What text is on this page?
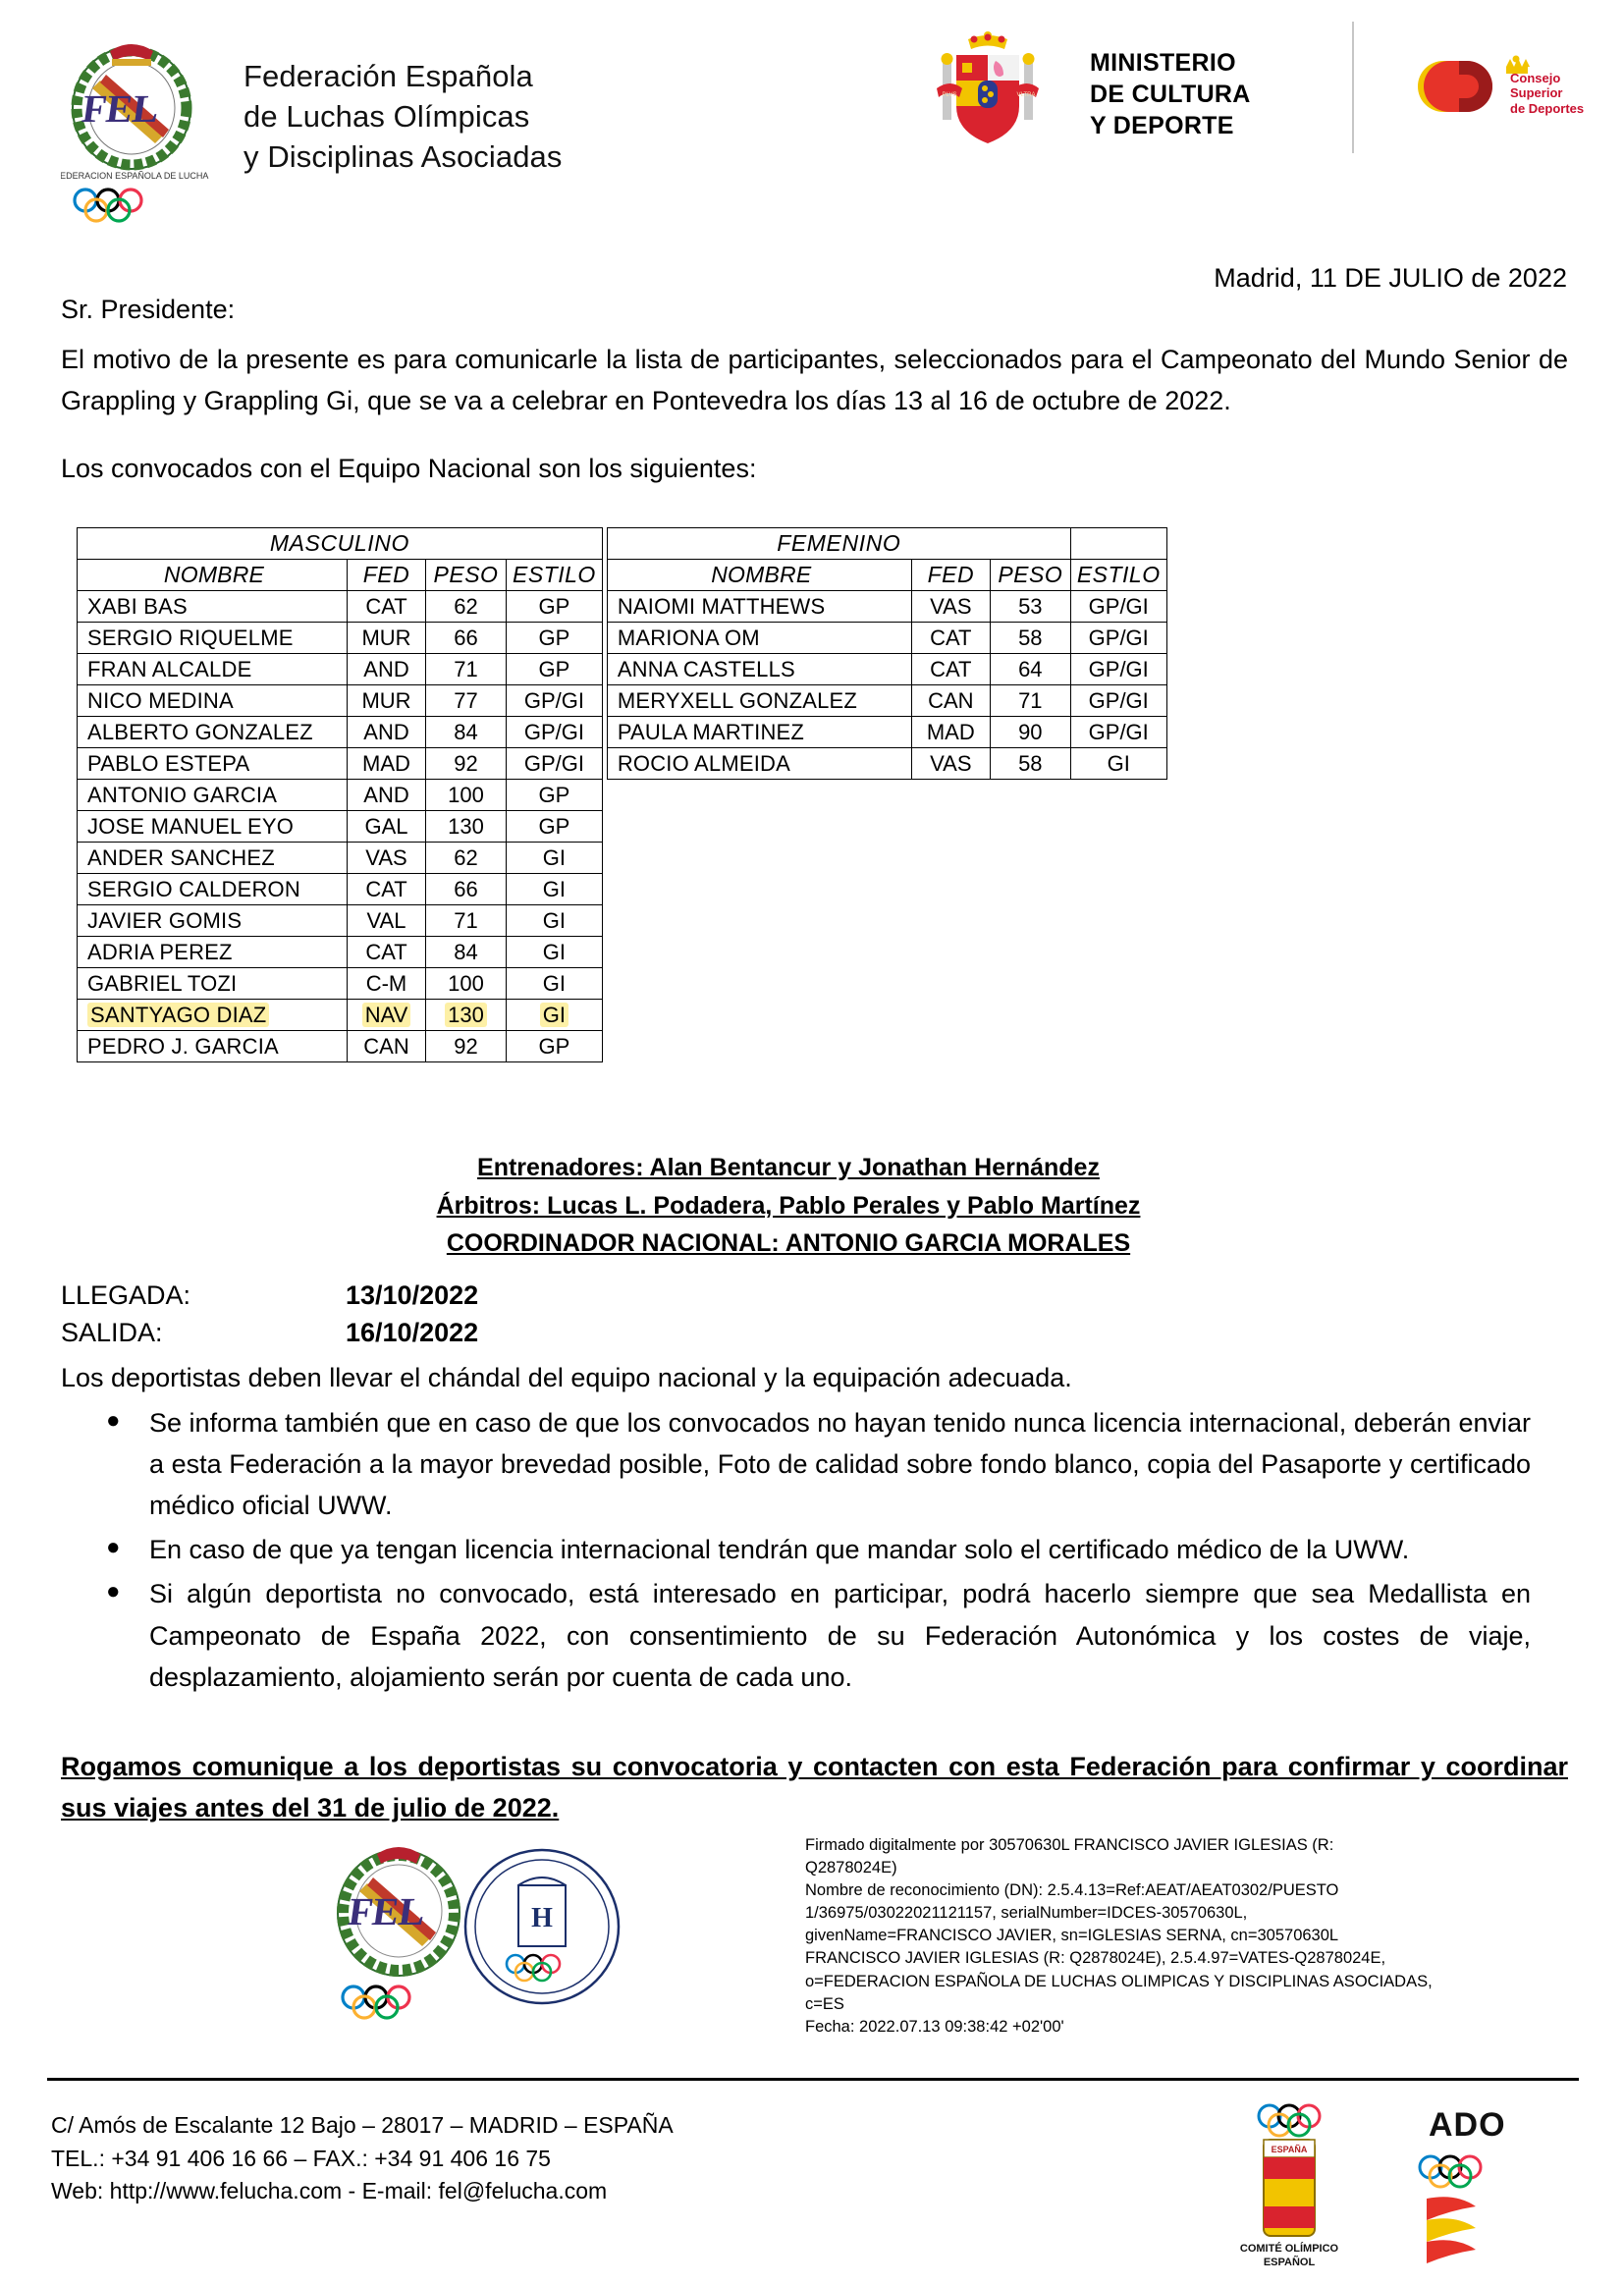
FEL
FEDERACION ESPAÑOLA DE LUCHA
Federación Española
de Luchas Olímpicas
y Disciplinas Asociadas
PLVS	VLTRA
MINISTERIO
DE CULTURA
Y DEPORTE
Consejo
Superior
de Deportes
Madrid, 11 DE JULIO de 2022
Sr. Presidente:
El motivo de la presente es para comunicarle la lista de participantes, seleccionados para el Campeonato del Mundo Senior de Grappling y Grappling Gi, que se va a celebrar en Pontevedra los días 13 al 16 de octubre de 2022.
Los convocados con el Equipo Nacional son los siguientes:
MASCULINO			
NOMBRE	FED	PESO	ESTILO
XABI BAS	CAT	62	GP
SERGIO RIQUELME	MUR	66	GP
FRAN ALCALDE	AND	71	GP
NICO MEDINA	MUR	77	GP/GI
ALBERTO GONZALEZ	AND	84	GP/GI
PABLO ESTEPA	MAD	92	GP/GI
ANTONIO GARCIA	AND	100	GP
JOSE MANUEL EYO	GAL	130	GP
ANDER SANCHEZ	VAS	62	GI
SERGIO CALDERON	CAT	66	GI
JAVIER GOMIS	VAL	71	GI
ADRIA PEREZ	CAT	84	GI
GABRIEL TOZI	C-M	100	GI
SANTYAGO DIAZ	NAV	130	GI
PEDRO J. GARCIA	CAN	92	GP
FEMENINO			
NOMBRE	FED	PESO	ESTILO
NAIOMI MATTHEWS	VAS	53	GP/GI
MARIONA OM	CAT	58	GP/GI
ANNA CASTELLS	CAT	64	GP/GI
MERYXELL GONZALEZ	CAN	71	GP/GI
PAULA MARTINEZ	MAD	90	GP/GI
ROCIO ALMEIDA	VAS	58	GI

Entrenadores: Alan Bentancur y Jonathan Hernández

Árbitros: Lucas L. Podadera, Pablo Perales y Pablo Martínez

COORDINADOR NACIONAL: ANTONIO GARCIA MORALES

LLEGADA:	13/10/2022
SALIDA:	16/10/2022
Los deportistas deben llevar el chándal del equipo nacional y la equipación adecuada.
● Se informa también que en caso de que los convocados no hayan tenido nunca licencia internacional, deberán enviar a esta Federación a la mayor brevedad posible, Foto de calidad sobre fondo blanco, copia del Pasaporte y certificado médico oficial UWW.
● En caso de que ya tengan licencia internacional tendrán que mandar solo el certificado médico de la UWW.
● Si algún deportista no convocado, está interesado en participar, podrá hacerlo siempre que sea Medallista en Campeonato de España 2022, con consentimiento de su Federación Autonómica y los costes de viaje, desplazamiento, alojamiento serán por cuenta de cada uno.
Rogamos comunique a los deportistas su convocatoria y contacten con esta Federación para confirmar y coordinar sus viajes antes del 31 de julio de 2022.
FEL	H
Firmado digitalmente por 30570630L FRANCISCO JAVIER IGLESIAS (R:
Q2878024E)
Nombre de reconocimiento (DN): 2.5.4.13=Ref:AEAT/AEAT0302/PUESTO
1/36975/03022021121157, serialNumber=IDCES-30570630L,
givenName=FRANCISCO JAVIER, sn=IGLESIAS SERNA, cn=30570630L
FRANCISCO JAVIER IGLESIAS (R: Q2878024E), 2.5.4.97=VATES-Q2878024E,
o=FEDERACION ESPAÑOLA DE LUCHAS OLIMPICAS Y DISCIPLINAS ASOCIADAS,
c=ES
Fecha: 2022.07.13 09:38:42 +02'00'
C/ Amós de Escalante 12 Bajo – 28017 – MADRID – ESPAÑA
TEL.: +34 91 406 16 66 – FAX.: +34 91 406 16 75
Web: http://www.felucha.com - E-mail: fel@felucha.com
ESPAÑA
COMITÉ OLÍMPICO
ESPAÑOL
ADO
